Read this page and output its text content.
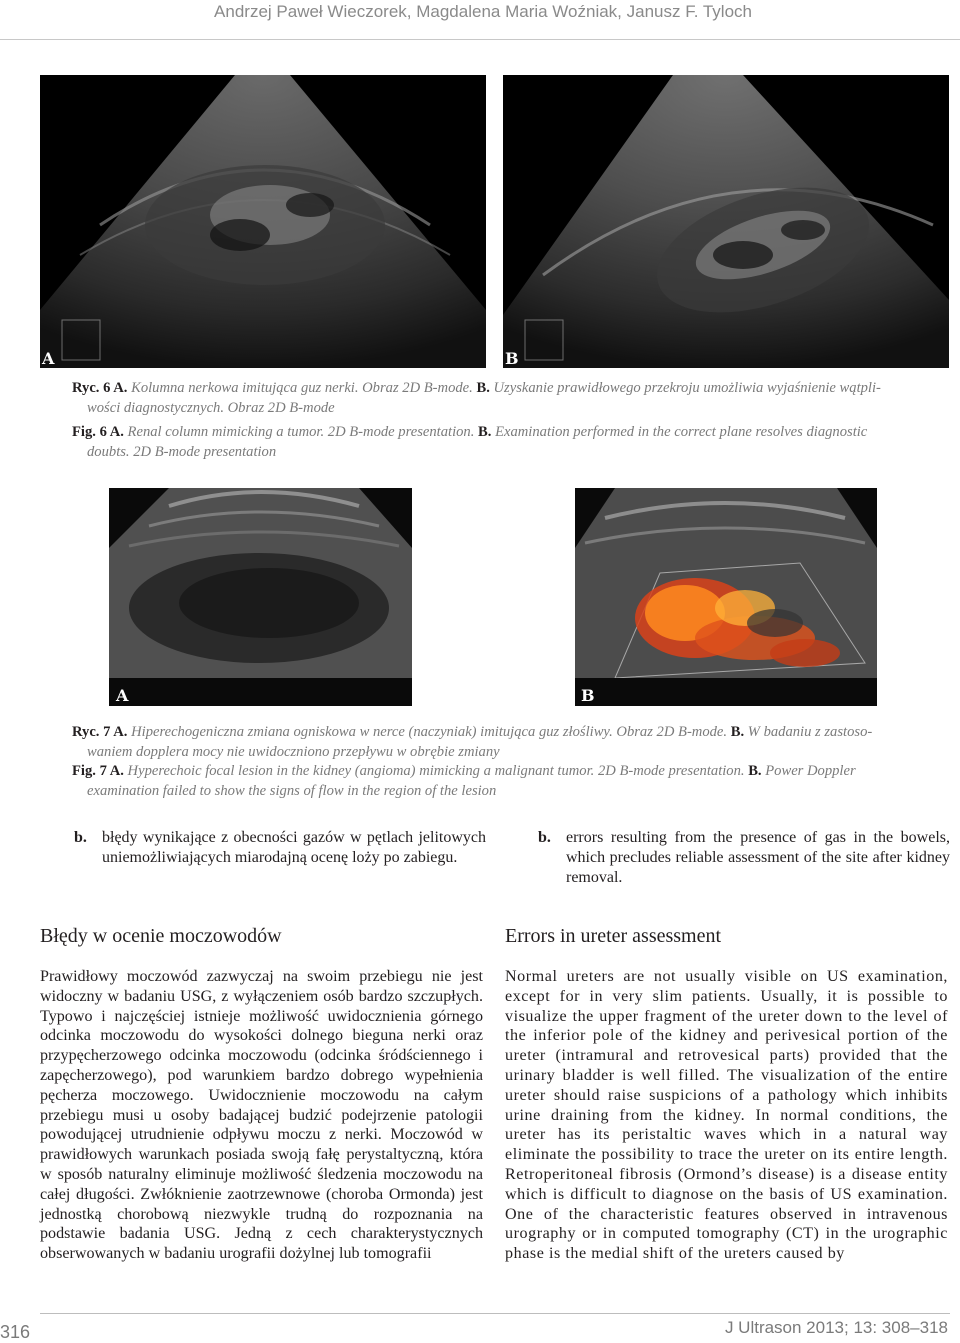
Andrzej Paweł Wieczorek, Magdalena Maria Woźniak, Janusz F. Tyloch
A	B
Ryc. 6 A. Kolumna nerkowa imitująca guz nerki. Obraz 2D B-mode. B. Uzyskanie prawidłowego przekroju umożliwia wyjaśnienie wątpli-
wości diagnostycznych. Obraz 2D B-mode
Fig. 6 A. Renal column mimicking a tumor. 2D B-mode presentation. B. Examination performed in the correct plane resolves diagnostic
doubts. 2D B-mode presentation
A	B
Ryc. 7 A. Hiperechogeniczna zmiana ogniskowa w nerce (naczyniak) imitująca guz złośliwy. Obraz 2D B-mode. B. W badaniu z zastoso-
waniem dopplera mocy nie uwidoczniono przepływu w obrębie zmiany
Fig. 7 A. Hyperechoic focal lesion in the kidney (angioma) mimicking a malignant tumor. 2D B-mode presentation. B. Power Doppler
examination failed to show the signs of flow in the region of the lesion
b. błędy wynikające z obecności gazów w pętlach jelitowych uniemożliwiających miarodajną ocenę loży po zabiegu.
b. errors resulting from the presence of gas in the bowels, which precludes reliable assessment of the site after kidney removal.
Błędy w ocenie moczowodów	Errors in ureter assessment
Prawidłowy moczowód zazwyczaj na swoim przebiegu nie jest widoczny w badaniu USG, z wyłączeniem osób bardzo szczupłych. Typowo i najczęściej istnieje możliwość uwidocznienia górnego odcinka moczowodu do wysokości dolnego bieguna nerki oraz przypęcherzowego odcinka moczowodu (odcinka śródściennego i zapęcherzowego), pod warunkiem bardzo dobrego wypełnienia pęcherza moczowego. Uwidocznienie moczowodu na całym przebiegu musi u osoby badającej budzić podejrzenie patologii powodującej utrudnienie odpływu moczu z nerki. Moczowód w prawidłowych warunkach posiada swoją fałę perystaltyczną, która w sposób naturalny eliminuje możliwość śledzenia moczowodu na całej długości. Zwłóknienie zaotrzewnowe (choroba Ormonda) jest jednostką chorobową niezwykle trudną do rozpoznania na podstawie badania USG. Jedną z cech charakterystycznych obserwowanych w badaniu urografii dożylnej lub tomografii
Normal ureters are not usually visible on US examination, except for in very slim patients. Usually, it is possible to visualize the upper fragment of the ureter down to the level of the inferior pole of the kidney and perivesical portion of the ureter (intramural and retrovesical parts) provided that the urinary bladder is well filled. The visualization of the entire ureter should raise suspicions of a pathology which inhibits urine draining from the kidney. In normal conditions, the ureter has its peristaltic waves which in a natural way eliminate the possibility to trace the ureter on its entire length. Retroperitoneal fibrosis (Ormond’s disease) is a disease entity which is difficult to diagnose on the basis of US examination. One of the characteristic features observed in intravenous urography or in computed tomography (CT) in the urographic phase is the medial shift of the ureters caused by
316	J Ultrason 2013; 13: 308–318
